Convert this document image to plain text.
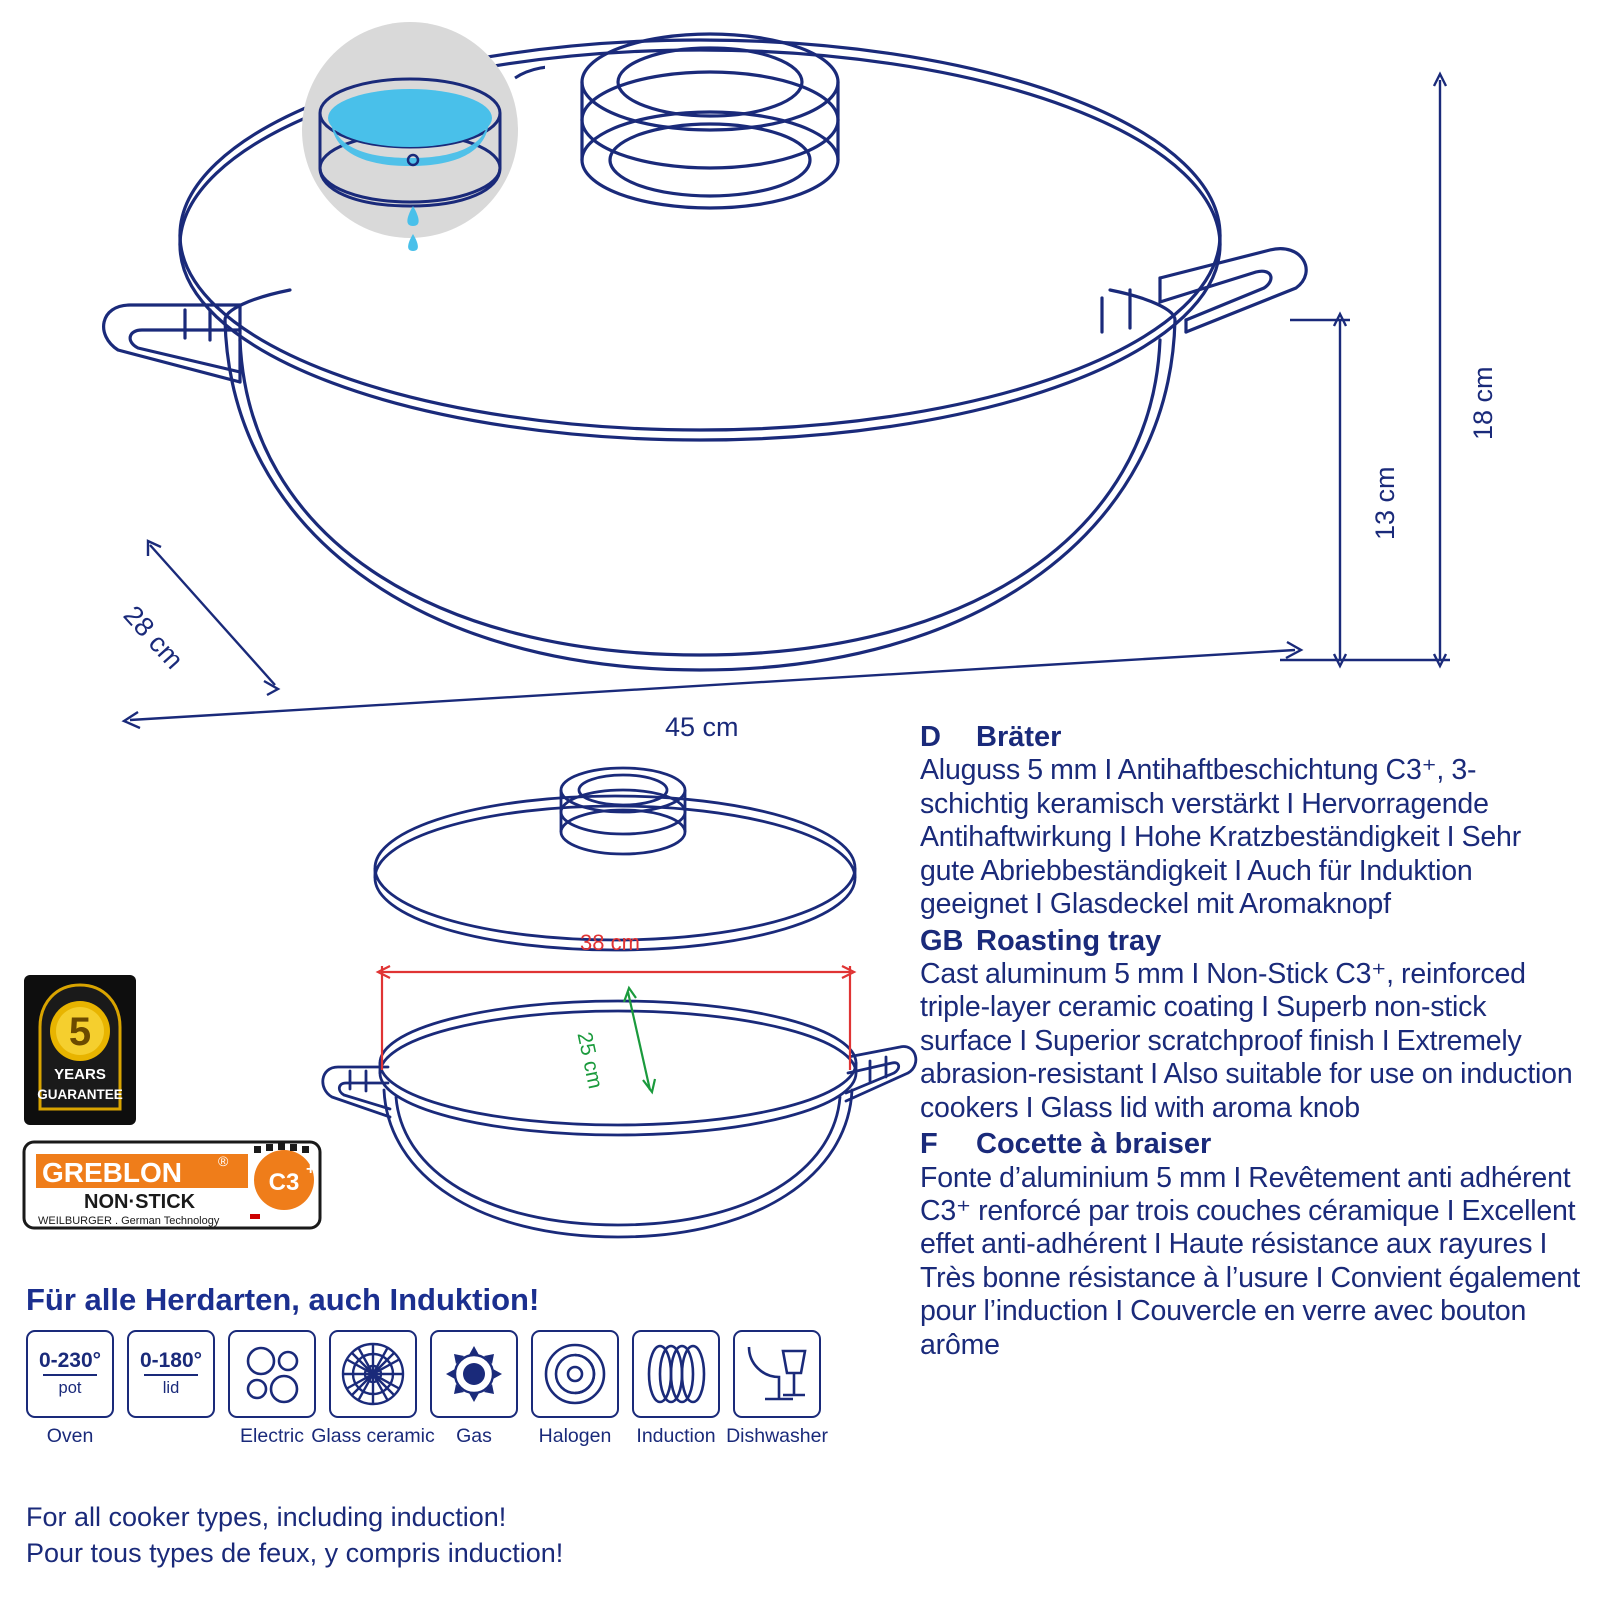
18 cm
13 cm
45 cm
28 cm
38 cm
25 cm
5
YEARS
GUARANTEE
GREBLON	®
NON·STICK
WEILBURGER . German Technology
C3 +
Für alle Herdarten, auch Induktion!
0-230°
pot
Oven
0-180°
lid
Electric Glass ceramic Gas Halogen Induction Dishwasher
For all cooker types, including induction!
Pour tous types de feux, y compris induction!
D	Bräter
Aluguss 5 mm I Antihaftbeschichtung C3⁺, 3-schichtig keramisch verstärkt I Hervorragende Antihaftwirkung I Hohe Kratzbeständigkeit I Sehr gute Abriebbeständigkeit I Auch für Induktion geeignet I Glasdeckel mit Aromaknopf
GB Roasting tray
Cast aluminum 5 mm I Non-Stick C3⁺, reinforced triple-layer ceramic coating I Superb non-stick surface I Superior scratchproof finish I Extremely abrasion-resistant I Also suitable for use on induction cookers I Glass lid with aroma knob
F	Cocette à braiser
Fonte d’aluminium 5 mm I Revêtement anti adhérent C3⁺ renforcé par trois couches céramique I Excellent effet anti-adhérent I Haute résistance aux rayures I Très bonne résistance à l’usure I Convient également pour l’induction I Couvercle en verre avec bouton arôme
